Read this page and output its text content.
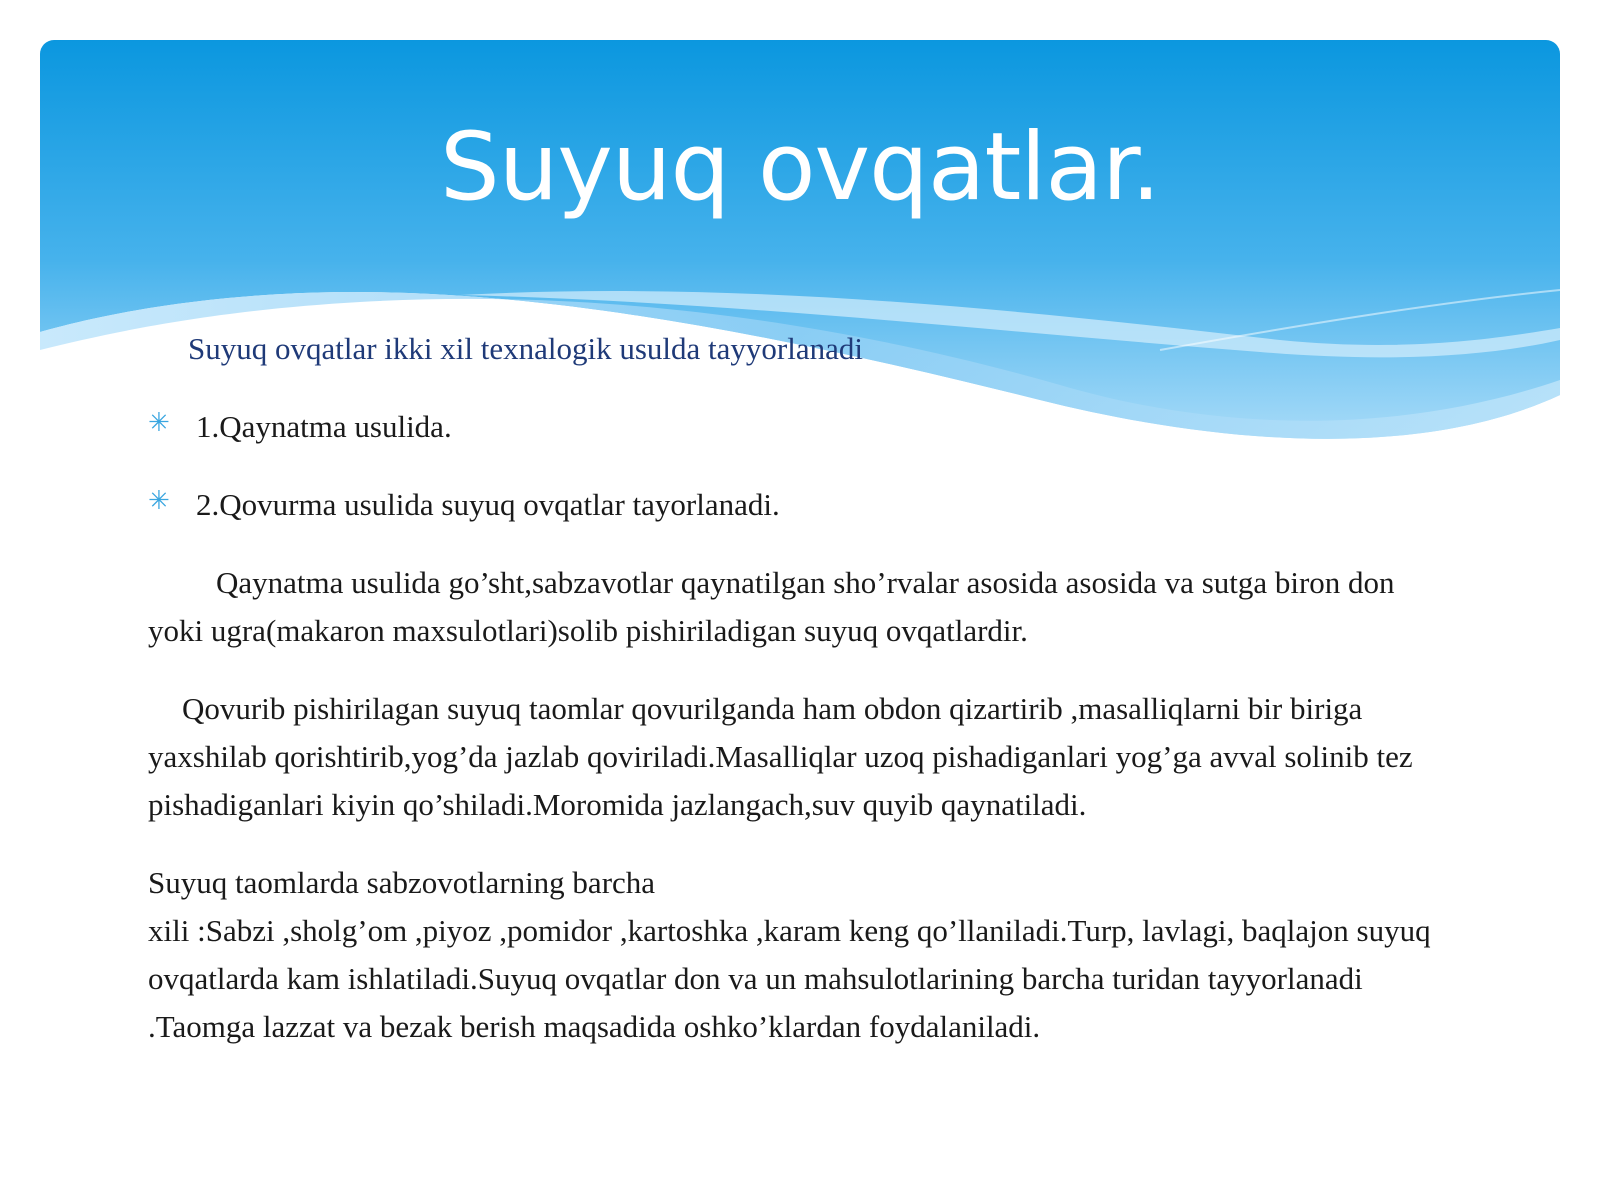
Suyuq ovqatlar.

Suyuq ovqatlar ikki xil texnalogik usulda tayyorlanadi

✳ 1.Qaynatma usulida.
✳ 2.Qovurma usulida suyuq ovqatlar tayorlanadi.

Qaynatma usulida go’sht,sabzavotlar qaynatilgan sho’rvalar asosida asosida va sutga biron don yoki ugra(makaron maxsulotlari)solib pishiriladigan suyuq ovqatlardir.

Qovurib pishirilagan suyuq taomlar qovurilganda ham obdon qizartirib ,masalliqlarni bir biriga yaxshilab qorishtirib,yog’da jazlab qoviriladi.Masalliqlar uzoq pishadiganlari yog’ga avval solinib tez pishadiganlari kiyin qo’shiladi.Moromida jazlangach,suv quyib qaynatiladi.

Suyuq taomlarda sabzovotlarning barcha
xili :Sabzi ,sholg’om ,piyoz ,pomidor ,kartoshka ,karam keng qo’llaniladi.Turp, lavlagi, baqlajon suyuq ovqatlarda kam ishlatiladi.Suyuq ovqatlar don va un mahsulotlarining barcha turidan tayyorlanadi .Taomga lazzat va bezak berish maqsadida oshko’klardan foydalaniladi.
